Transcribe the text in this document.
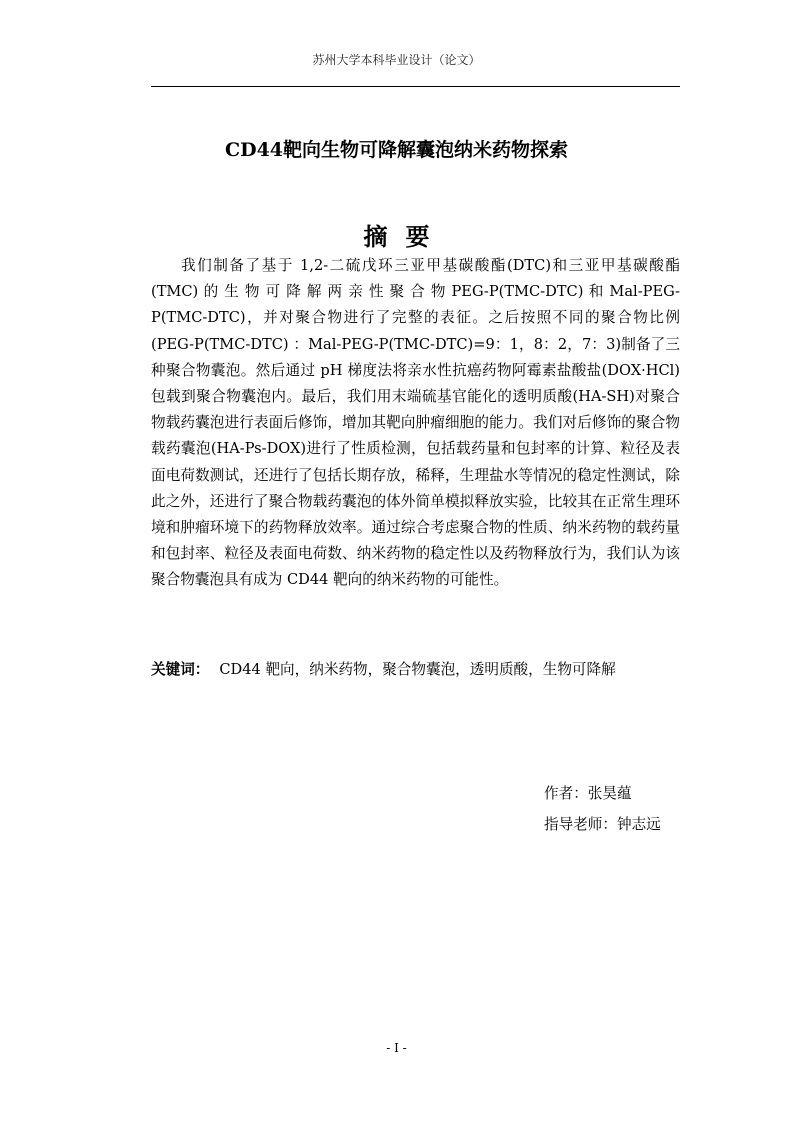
苏州大学本科毕业设计（论文）
CD44靶向生物可降解囊泡纳米药物探索
摘要

我们制备了基于 1,2-二硫戊环三亚甲基碳酸酯(DTC)和三亚甲基碳酸酯(TMC) 的 生 物 可 降 解 两 亲 性 聚 合 物 PEG-P(TMC-DTC) 和 Mal-PEG-P(TMC-DTC)，并对聚合物进行了完整的表征。之后按照不同的聚合物比例(PEG-P(TMC-DTC) ：Mal-PEG-P(TMC-DTC)=9：1，8：2，7：3)制备了三种聚合物囊泡。然后通过 pH 梯度法将亲水性抗癌药物阿霉素盐酸盐(DOX·HCl)包载到聚合物囊泡内。最后，我们用末端硫基官能化的透明质酸(HA-SH)对聚合物载药囊泡进行表面后修饰，增加其靶向肿瘤细胞的能力。我们对后修饰的聚合物载药囊泡(HA-Ps-DOX)进行了性质检测，包括载药量和包封率的计算、粒径及表面电荷数测试，还进行了包括长期存放，稀释，生理盐水等情况的稳定性测试，除此之外，还进行了聚合物载药囊泡的体外简单模拟释放实验，比较其在正常生理环境和肿瘤环境下的药物释放效率。通过综合考虑聚合物的性质、纳米药物的载药量和包封率、粒径及表面电荷数、纳米药物的稳定性以及药物释放行为，我们认为该聚合物囊泡具有成为 CD44 靶向的纳米药物的可能性。

关键词： CD44 靶向，纳米药物，聚合物囊泡，透明质酸，生物可降解

作者：张昊蕴
指导老师：钟志远
- I -
